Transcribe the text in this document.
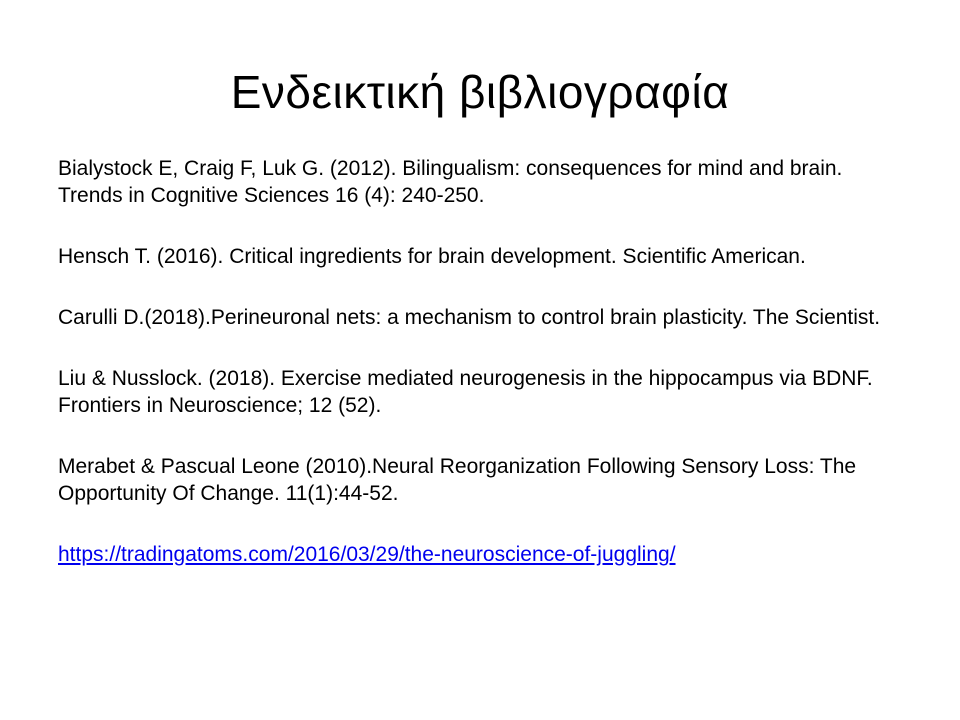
Ενδεικτική βιβλιογραφία
Bialystock E, Craig F, Luk G. (2012). Bilingualism: consequences for mind and brain. Trends in Cognitive Sciences 16 (4): 240-250.
Hensch T. (2016). Critical ingredients for brain development. Scientific American.
Carulli D.(2018).Perineuronal nets: a mechanism to control brain plasticity. The Scientist.
Liu & Nusslock. (2018). Exercise mediated neurogenesis in the hippocampus via BDNF. Frontiers in Neuroscience; 12 (52).
Merabet & Pascual Leone (2010).Neural Reorganization Following Sensory Loss: The Opportunity Of Change. 11(1):44-52.
https://tradingatoms.com/2016/03/29/the-neuroscience-of-juggling/
